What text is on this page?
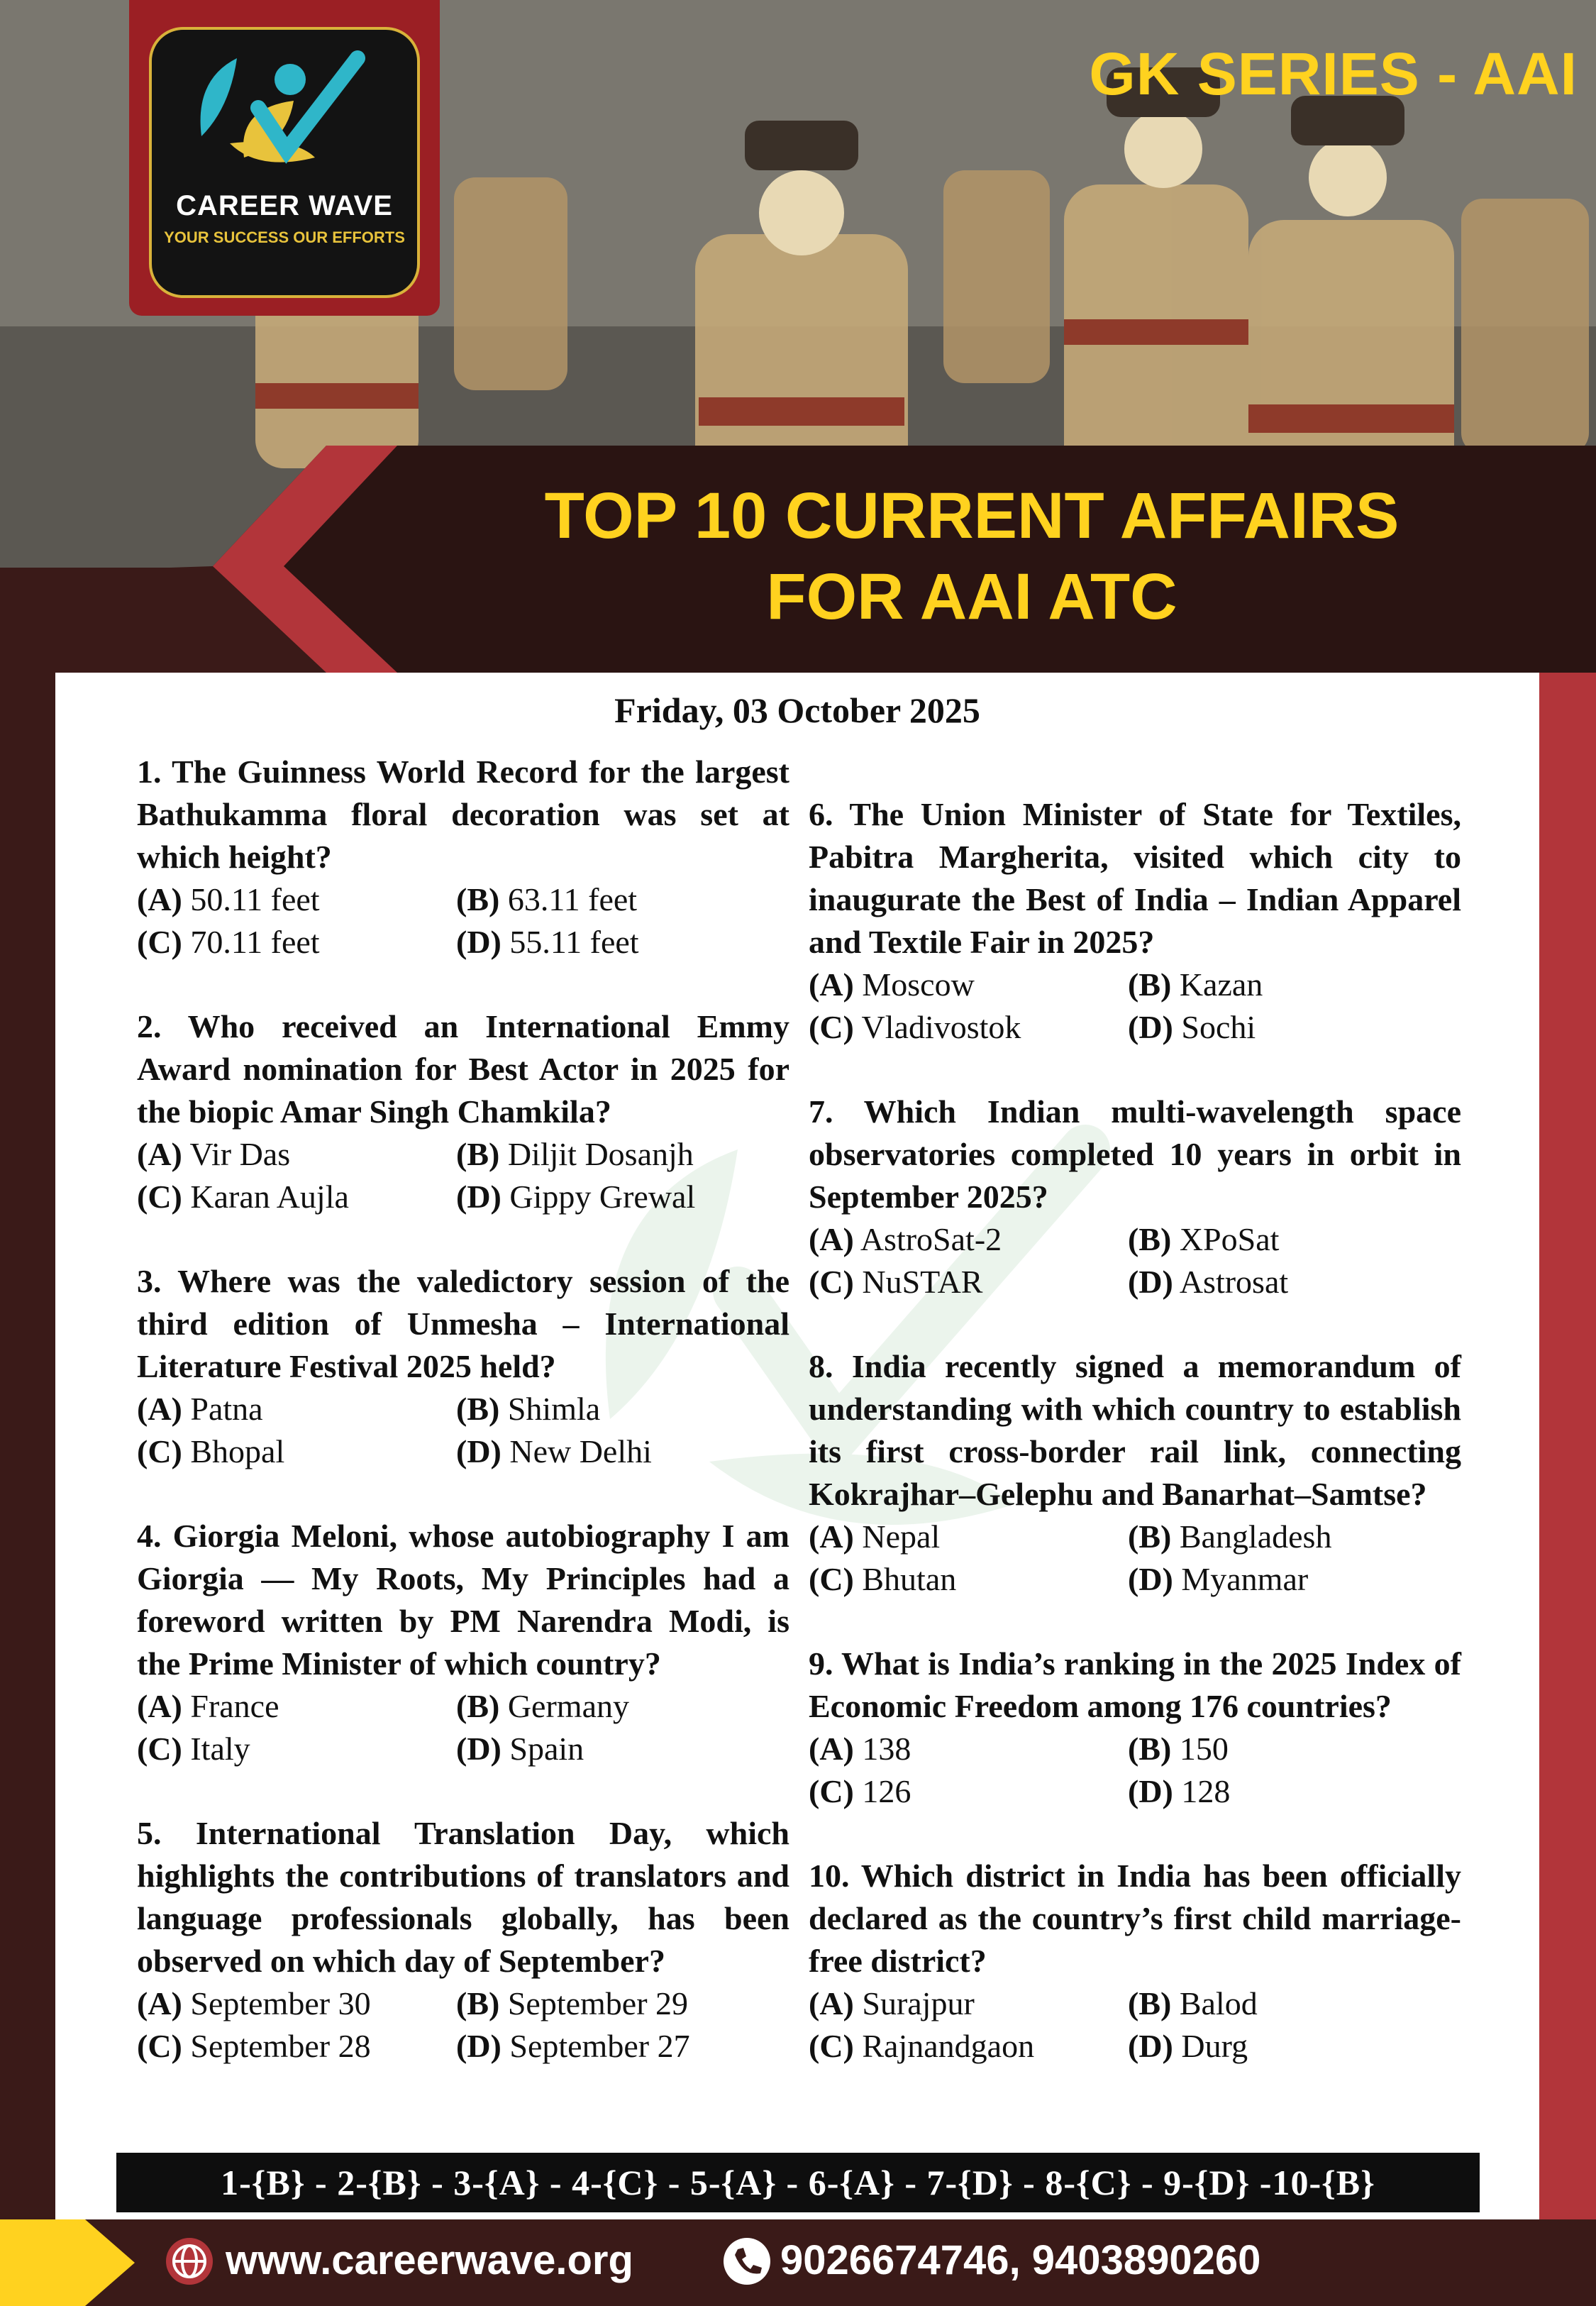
CAREER WAVE
YOUR SUCCESS OUR EFFORTS
GK SERIES - AAI
TOP 10 CURRENT AFFAIRS
FOR AAI ATC
Friday, 03 October 2025

1. The Guinness World Record for the largest Bathukamma floral decoration was set at which height?

(A) 50.11 feet	(B) 63.11 feet
(C) 70.11 feet	(D) 55.11 feet

2. Who received an International Emmy Award nomination for Best Actor in 2025 for the biopic Amar Singh Chamkila?

(A) Vir Das	(B) Diljit Dosanjh
(C) Karan Aujla	(D) Gippy Grewal

3. Where was the valedictory session of the third edition of Unmesha – International Literature Festival 2025 held?

(A) Patna	(B) Shimla
(C) Bhopal	(D) New Delhi

4. Giorgia Meloni, whose autobiography I am Giorgia — My Roots, My Principles had a foreword written by PM Narendra Modi, is the Prime Minister of which country?

(A) France	(B) Germany
(C) Italy	(D) Spain

5. International Translation Day, which highlights the contributions of translators and language professionals globally, has been observed on which day of September?

(A) September 30	(B) September 29
(C) September 28	(D) September 27

6. The Union Minister of State for Textiles, Pabitra Margherita, visited which city to inaugurate the Best of India – Indian Apparel and Textile Fair in 2025?

(A) Moscow	(B) Kazan
(C) Vladivostok	(D) Sochi

7. Which Indian multi-wavelength space observatories completed 10 years in orbit in September 2025?

(A) AstroSat-2	(B) XPoSat
(C) NuSTAR	(D) Astrosat

8. India recently signed a memorandum of understanding with which country to establish its first cross-border rail link, connecting Kokrajhar–Gelephu and Banarhat–Samtse?

(A) Nepal	(B) Bangladesh
(C) Bhutan	(D) Myanmar

9. What is India’s ranking in the 2025 Index of Economic Freedom among 176 countries?

(A) 138	(B) 150
(C) 126	(D) 128

10. Which district in India has been officially declared as the country’s first child marriage-free district?

(A) Surajpur	(B) Balod
(C) Rajnandgaon	(D) Durg
1-{B} - 2-{B} - 3-{A} - 4-{C} - 5-{A} - 6-{A} - 7-{D} - 8-{C} - 9-{D} -10-{B}
www.careerwave.org	9026674746, 9403890260
